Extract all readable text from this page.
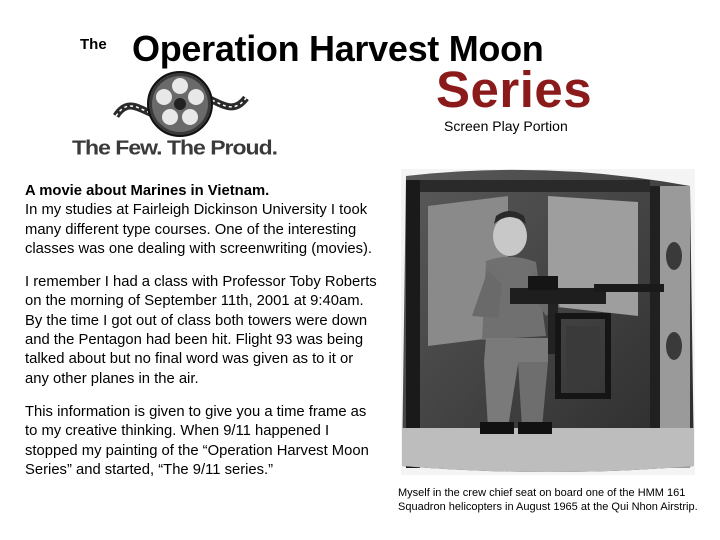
The Operation Harvest Moon
Series
Screen Play Portion
The Few. The Proud.
A movie about Marines in Vietnam.
In my studies at Fairleigh Dickinson University I took many different type courses. One of the interesting classes was one dealing with screenwriting (movies).
I remember I had a class with Professor Toby Roberts on the morning of September 11th, 2001 at 9:40am. By the time I got out of class both towers were down and the Pentagon had been hit. Flight 93 was being talked about but no final word was given as to it or any other planes in the air.
This information is given to give you a time frame as to my creative thinking. When 9/11 happened I stopped my painting of the “Operation Harvest Moon Series” and started, “The 9/11 series.”
Myself in the crew chief seat on board one of the HMM 161 Squadron helicopters in August 1965 at the Qui Nhon Airstrip.
